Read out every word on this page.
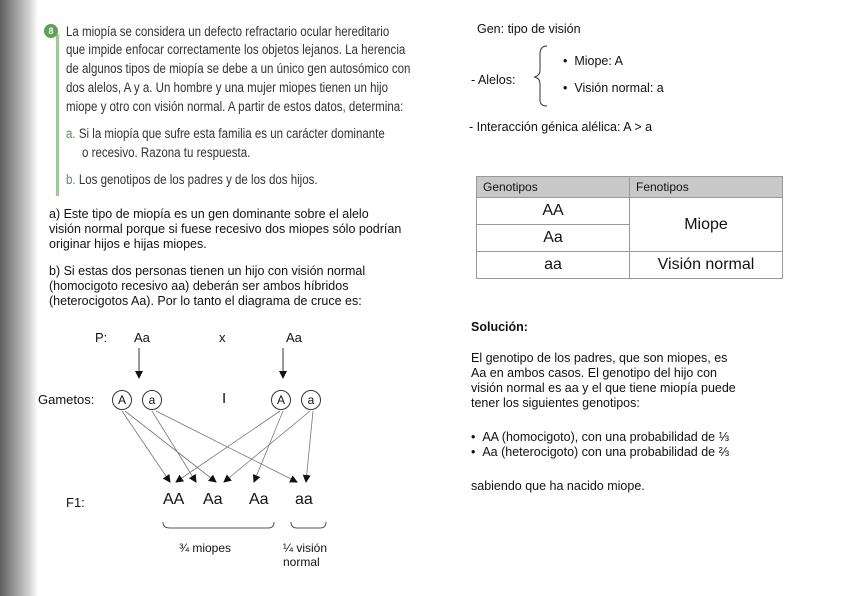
8 La miopía se considera un defecto refractario ocular hereditario
que impide enfocar correctamente los objetos lejanos. La herencia
de algunos tipos de miopía se debe a un único gen autosómico con
dos alelos, A y a. Un hombre y una mujer miopes tienen un hijo
miope y otro con visión normal. A partir de estos datos, determina:
a. Si la miopía que sufre esta familia es un carácter dominante
o recesivo. Razona tu respuesta.
b. Los genotipos de los padres y de los dos hijos.
a) Este tipo de miopía es un gen dominante sobre el alelo
visión normal porque si fuese recesivo dos miopes sólo podrían
originar hijos e hijas miopes.
b) Si estas dos personas tienen un hijo con visión normal
(homocigoto recesivo aa) deberán ser ambos híbridos
(heterocigotos Aa). Por lo tanto el diagrama de cruce es:
P: Aa	x	Aa
Gametos:	A	a	I	A	a
F1:	AA Aa Aa aa
¾ miopes	¼ visión
normal
Gen: tipo de visión
- Alelos:
•  Miope: A
•  Visión normal: a
- Interacción génica alélica: A > a
Genotipos	Fenotipos
AA	Miope
Aa	
aa	Visión normal
Solución:
El genotipo de los padres, que son miopes, es
Aa en ambos casos. El genotipo del hijo con
visión normal es aa y el que tiene miopía puede
tener los siguientes genotipos:
•  AA (homocigoto), con una probabilidad de ⅓
•  Aa (heterocigoto) con una probabilidad de ⅔
sabiendo que ha nacido miope.
